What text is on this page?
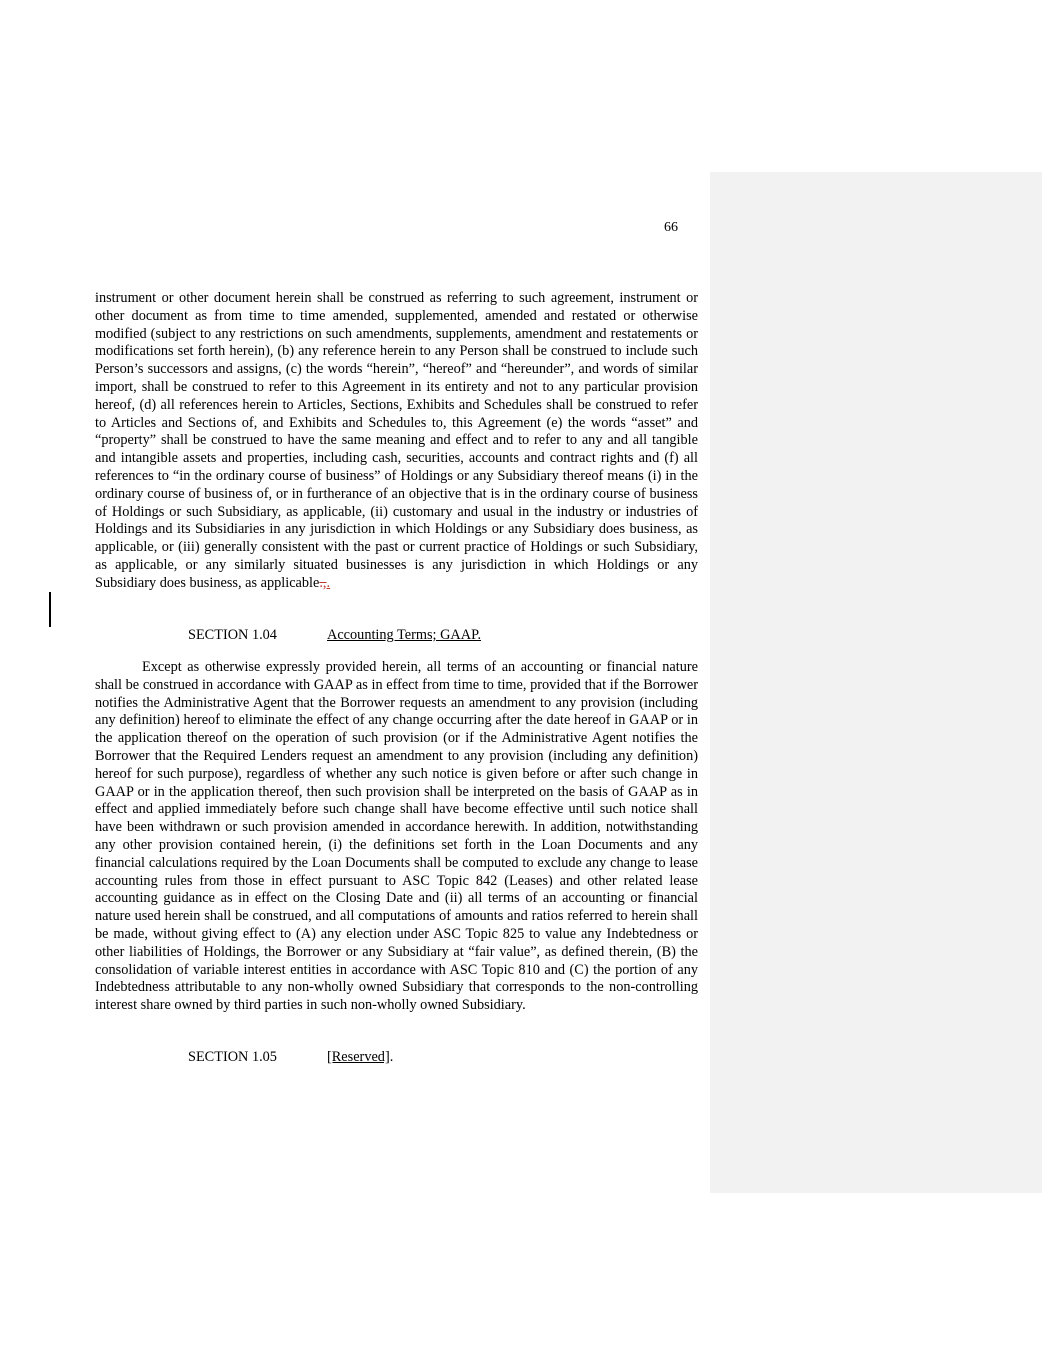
66

instrument or other document herein shall be construed as referring to such agreement, instrument or other document as from time to time amended, supplemented, amended and restated or otherwise modified (subject to any restrictions on such amendments, supplements, amendment and restatements or modifications set forth herein), (b) any reference herein to any Person shall be construed to include such Person’s successors and assigns, (c) the words “herein”, “hereof” and “hereunder”, and words of similar import, shall be construed to refer to this Agreement in its entirety and not to any particular provision hereof, (d) all references herein to Articles, Sections, Exhibits and Schedules shall be construed to refer to Articles and Sections of, and Exhibits and Schedules to, this Agreement (e) the words “asset” and “property” shall be construed to have the same meaning and effect and to refer to any and all tangible and intangible assets and properties, including cash, securities, accounts and contract rights and (f) all references to “in the ordinary course of business” of Holdings or any Subsidiary thereof means (i) in the ordinary course of business of, or in furtherance of an objective that is in the ordinary course of business of Holdings or such Subsidiary, as applicable, (ii) customary and usual in the industry or industries of Holdings and its Subsidiaries in any jurisdiction in which Holdings or any Subsidiary does business, as applicable, or (iii) generally consistent with the past or current practice of Holdings or such Subsidiary, as applicable, or any similarly situated businesses is any jurisdiction in which Holdings or any Subsidiary does business, as applicable.,.

SECTION 1.04	Accounting Terms; GAAP.

Except as otherwise expressly provided herein, all terms of an accounting or financial nature shall be construed in accordance with GAAP as in effect from time to time, provided that if the Borrower notifies the Administrative Agent that the Borrower requests an amendment to any provision (including any definition) hereof to eliminate the effect of any change occurring after the date hereof in GAAP or in the application thereof on the operation of such provision (or if the Administrative Agent notifies the Borrower that the Required Lenders request an amendment to any provision (including any definition) hereof for such purpose), regardless of whether any such notice is given before or after such change in GAAP or in the application thereof, then such provision shall be interpreted on the basis of GAAP as in effect and applied immediately before such change shall have become effective until such notice shall have been withdrawn or such provision amended in accordance herewith. In addition, notwithstanding any other provision contained herein, (i) the definitions set forth in the Loan Documents and any financial calculations required by the Loan Documents shall be computed to exclude any change to lease accounting rules from those in effect pursuant to ASC Topic 842 (Leases) and other related lease accounting guidance as in effect on the Closing Date and (ii) all terms of an accounting or financial nature used herein shall be construed, and all computations of amounts and ratios referred to herein shall be made, without giving effect to (A) any election under ASC Topic 825 to value any Indebtedness or other liabilities of Holdings, the Borrower or any Subsidiary at “fair value”, as defined therein, (B) the consolidation of variable interest entities in accordance with ASC Topic 810 and (C) the portion of any Indebtedness attributable to any non-wholly owned Subsidiary that corresponds to the non-controlling interest share owned by third parties in such non-wholly owned Subsidiary.

SECTION 1.05	[Reserved].
